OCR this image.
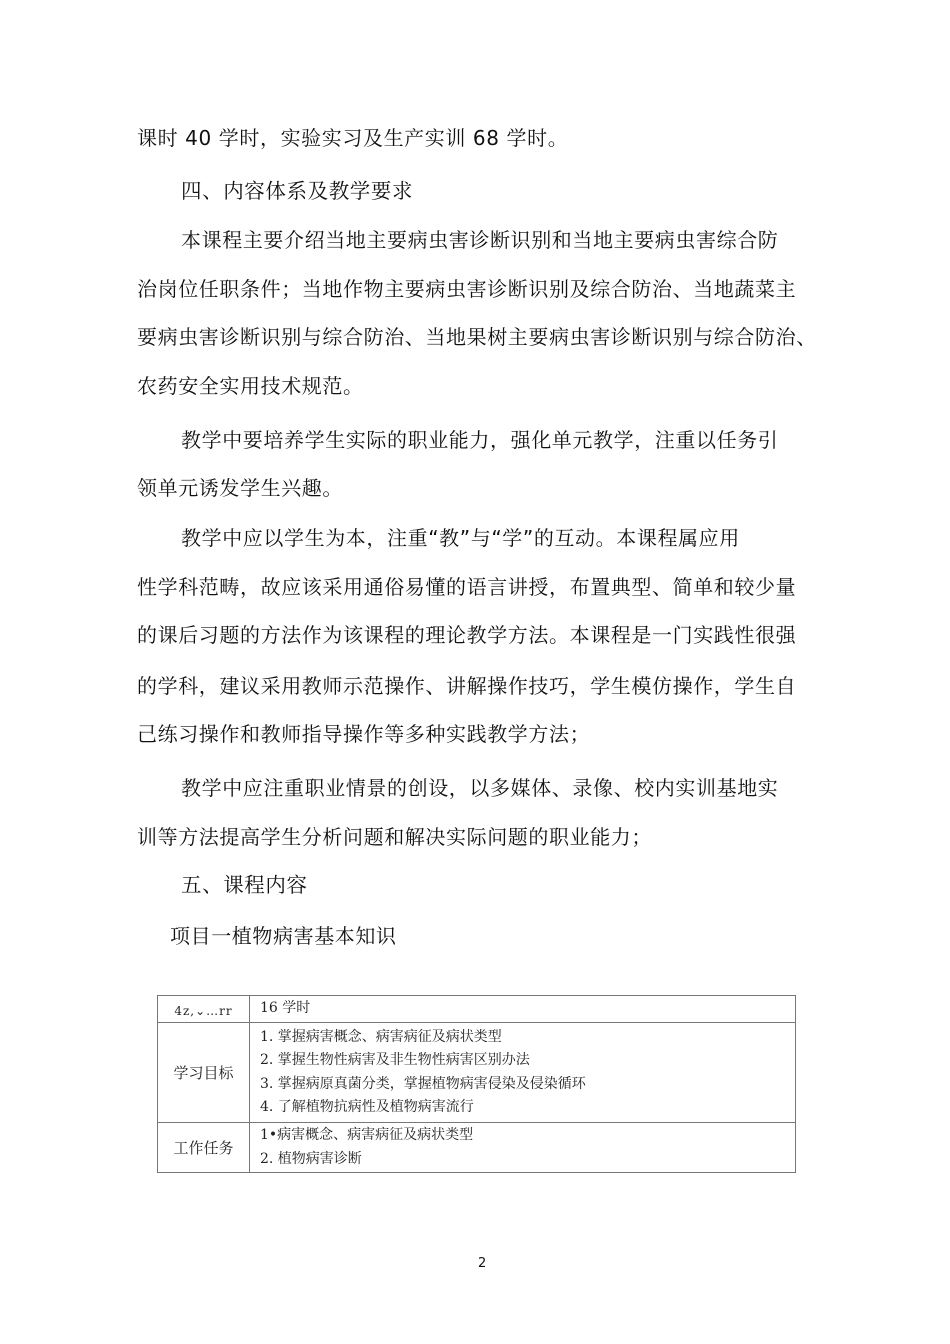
课时 40 学时，实验实习及生产实训 68 学时。
四、内容体系及教学要求
本课程主要介绍当地主要病虫害诊断识别和当地主要病虫害综合防
治岗位任职条件；当地作物主要病虫害诊断识别及综合防治、当地蔬菜主
要病虫害诊断识别与综合防治、当地果树主要病虫害诊断识别与综合防治、
农药安全实用技术规范。
教学中要培养学生实际的职业能力，强化单元教学，注重以任务引
领单元诱发学生兴趣。
教学中应以学生为本，注重“教”与“学”的互动。本课程属应用
性学科范畴，故应该采用通俗易懂的语言讲授，布置典型、简单和较少量
的课后习题的方法作为该课程的理论教学方法。本课程是一门实践性很强
的学科，建议采用教师示范操作、讲解操作技巧，学生模仿操作，学生自
己练习操作和教师指导操作等多种实践教学方法；
教学中应注重职业情景的创设，以多媒体、录像、校内实训基地实
训等方法提高学生分析问题和解决实际问题的职业能力；
五、课程内容
项目一植物病害基本知识
4z,⌄…rr	16 学时

学习目标	1. 掌握病害概念、病害病征及病状类型
2. 掌握生物性病害及非生物性病害区别办法
3. 掌握病原真菌分类，掌握植物病害侵染及侵染循环
4. 了解植物抗病性及植物病害流行

工作任务	1•病害概念、病害病征及病状类型
2. 植物病害诊断
2
